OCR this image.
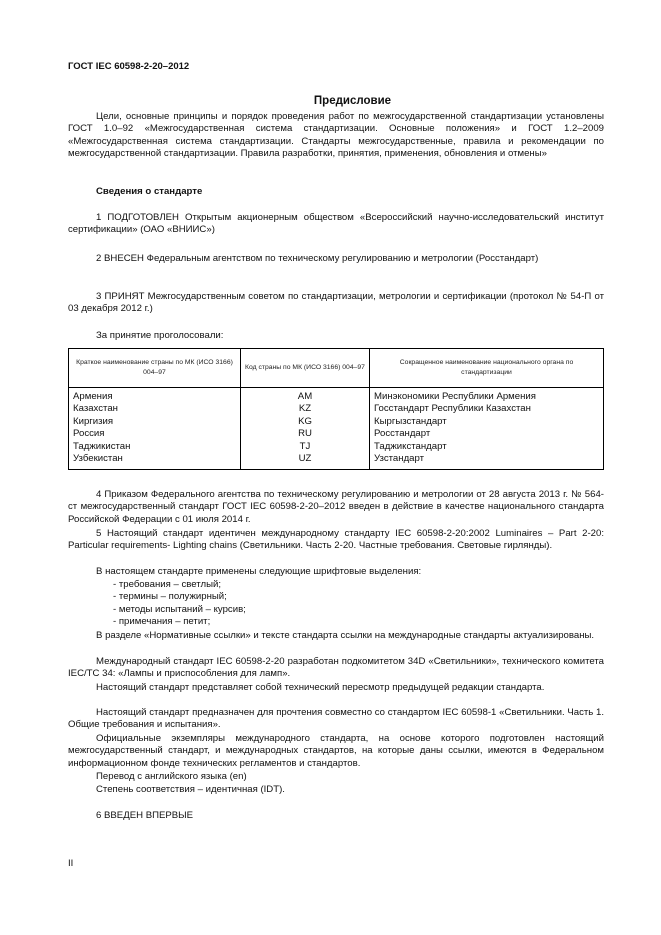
ГОСТ IEC 60598-2-20–2012
Предисловие
Цели, основные принципы и порядок проведения работ по межгосударственной стандартизации установлены ГОСТ 1.0–92 «Межгосударственная система стандартизации. Основные положения» и ГОСТ 1.2–2009 «Межгосударственная система стандартизации. Стандарты межгосударственные, правила и рекомендации по межгосударственной стандартизации. Правила разработки, принятия, применения, обновления и отмены»
Сведения о стандарте
1 ПОДГОТОВЛЕН Открытым акционерным обществом «Всероссийский научно-исследовательский институт сертификации» (ОАО «ВНИИС»)
2 ВНЕСЕН Федеральным агентством по техническому регулированию и метрологии (Росстандарт)
3 ПРИНЯТ Межгосударственным советом по стандартизации, метрологии и сертификации (протокол № 54-П от 03 декабря 2012 г.)
За принятие проголосовали:
Краткое наименование страны по МК (ИСО 3166) 004–97	Код страны по МК (ИСО 3166) 004–97	Сокращенное наименование национального органа по стандартизации
Армения	AM	Минэкономики Республики Армения
Казахстан	KZ	Госстандарт Республики Казахстан
Киргизия	KG	Кыргызстандарт
Россия	RU	Росстандарт
Таджикистан	TJ	Таджикстандарт
Узбекистан	UZ	Узстандарт
4 Приказом Федерального агентства по техническому регулированию и метрологии от 28 августа 2013 г. № 564-ст межгосударственный стандарт ГОСТ IEC 60598-2-20–2012 введен в действие в качестве национального стандарта Российской Федерации с 01 июля 2014 г.
5 Настоящий стандарт идентичен международному стандарту IEC 60598-2-20:2002 Luminaires – Part 2-20: Particular requirements- Lighting chains (Светильники. Часть 2-20. Частные требования. Световые гирлянды).
В настоящем стандарте применены следующие шрифтовые выделения:
- требования – светлый;
- термины – полужирный;
- методы испытаний – курсив;
- примечания – петит;
В разделе «Нормативные ссылки» и тексте стандарта ссылки на международные стандарты актуализированы.
Международный стандарт IEC 60598-2-20 разработан подкомитетом 34D «Светильники», технического комитета IEC/TC 34: «Лампы и приспособления для ламп».
Настоящий стандарт представляет собой технический пересмотр предыдущей редакции стандарта.
Настоящий стандарт предназначен для прочтения совместно со стандартом IEC 60598-1 «Светильники. Часть 1. Общие требования и испытания».
Официальные экземпляры международного стандарта, на основе которого подготовлен настоящий межгосударственный стандарт, и международных стандартов, на которые даны ссылки, имеются в Федеральном информационном фонде технических регламентов и стандартов.
Перевод с английского языка (en)
Степень соответствия – идентичная (IDT).
6 ВВЕДЕН ВПЕРВЫЕ
II
